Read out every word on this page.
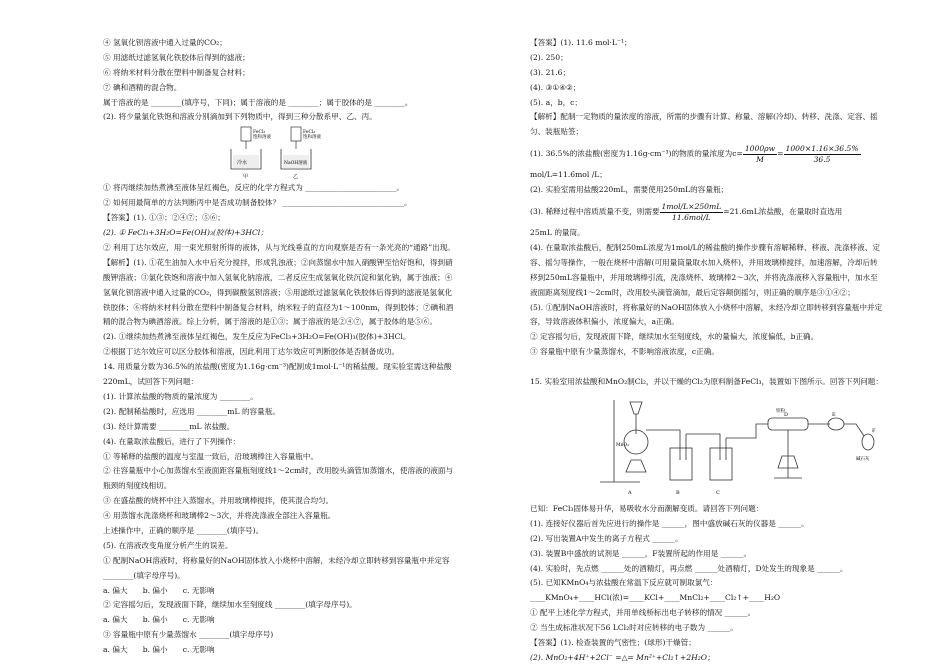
④ 氢氧化钡溶液中通入过量的CO₂；
⑤ 用滤纸过滤氢氧化铁胶体后得到的滤液；
⑥ 将纳米材料分散在塑料中制备复合材料；
⑦ 碘和酒精的混合物。
属于溶液的是 ________(填序号，下同)；属于溶液的是 ________；属于胶体的是 ________。
(2). 将少量氯化铁饱和溶液分别滴加到下列物质中，得到三种分散系甲、乙、丙。
FeCl₃
饱和溶液
冷水
甲
FeCl₃
饱和溶液
NaOH溶液
乙
① 将丙继续加热煮沸至液体呈红褐色，反应的化学方程式为 ________________________。
② 如何用最简单的方法判断丙中是否成功制备胶体？ ________________________________。
【答案】(1). ①③；②④⑦；⑤⑥；
(2). ① FeCl₃+3H₂O=Fe(OH)₃(胶体)+3HCl；
② 利用丁达尔效应，用一束光照射所得的液体，从与光线垂直的方向观察是否有一条光亮的“通路”出现。
【解析】(1). ①花生油加入水中后充分搅拌，形成乳浊液；②向蒸馏水中加入硝酸钾至恰好饱和，得到硝酸钾溶液；③氯化铁饱和溶液中加入氢氧化钠溶液，二者反应生成氢氧化铁沉淀和氯化钠，属于浊液；④氢氧化钡溶液中通入过量的CO₂，得到碳酸氢钡溶液；⑤用滤纸过滤氢氧化铁胶体后得到的滤液是氢氧化铁胶体；⑥将纳米材料分散在塑料中制备复合材料，纳米粒子的直径为1～100nm，得到胶体；⑦碘和酒精的混合物为碘酒溶液。综上分析，属于溶液的是①③；属于溶液的是②④⑦，属于胶体的是⑤⑥。
(2). ①继续加热煮沸至液体呈红褐色，发生反应为FeCl₃+3H₂O=Fe(OH)₃(胶体)+3HCl。
②根据丁达尔效应可以区分胶体和溶液，因此利用丁达尔效应可判断胶体是否制备成功。
14. 用质量分数为36.5%的浓盐酸(密度为1.16g·cm⁻³)配制成1mol·L⁻¹的稀盐酸。现实验室需这种盐酸220mL，试回答下列问题：
(1). 计算浓盐酸的物质的量浓度为 ________。
(2). 配制稀盐酸时，应选用 ________mL 的容量瓶。
(3). 经计算需要 ________mL 浓盐酸。
(4). 在量取浓盐酸后，进行了下列操作：
① 等稀释的盐酸的温度与室温一致后，沿玻璃棒注入容量瓶中。
② 往容量瓶中小心加蒸馏水至液面距容量瓶刻度线1～2cm时，改用胶头滴管加蒸馏水，使溶液的液面与瓶颈的刻度线相切。
③ 在盛盐酸的烧杯中注入蒸馏水，并用玻璃棒搅拌，使其混合均匀。
④ 用蒸馏水洗涤烧杯和玻璃棒2～3次，并将洗涤液全部注入容量瓶。
上述操作中，正确的顺序是 ________(填序号)。
(5). 在溶液改变角度分析产生的误差。
① 配制NaOH溶液时，将称量好的NaOH固体放入小烧杯中溶解，未经冷却立即转移到容量瓶中并定容 ________(填字母序号)。
a. 偏大　　b. 偏小　　c. 无影响
② 定容摇匀后，发现液面下降，继续加水至刻度线 ________(填字母序号)。
a. 偏大　　b. 偏小　　c. 无影响
③ 容量瓶中原有少量蒸馏水 ________(填字母序号)
a. 偏大　　b. 偏小　　c. 无影响
【答案】(1). 11.6 mol·L⁻¹；
(2). 250；
(3). 21.6；
(4). ③①④②；
(5). a，b，c；
【解析】配制一定物质的量浓度的溶液，所需的步骤有计算、称量、溶解(冷却)、转移、洗涤、定容、摇匀、装瓶贴签；
(1). 36.5%的浓盐酸(密度为1.16g·cm⁻³)的物质的量浓度为$c= \frac{1000\rho w}{M} = \frac{1000\times 1.16\times 36.5\%}{36.5}$
mol/L=11.6mol /L；
(2). 实验室需用盐酸220mL，需要使用250mL的容量瓶；
(3). 稀释过程中溶质质量不变，则需要 $\frac{\text{1mol/L×250mL}}{\text{11.6mol/L}} =21.6mL$浓盐酸，在量取时直选用
25mL 的量筒。
(4). 在量取浓盐酸后，配制250mL浓度为1mol/L的稀盐酸的操作步骤有溶解稀释、移液、洗涤移液、定容、摇匀等操作，一般在烧杯中溶解(可用量筒量取水加入烧杯)，并用玻璃棒搅拌，加速溶解，冷却后转移到250mL容量瓶中，并用玻璃棒引流，洗涤烧杯、玻璃棒2～3次，并将洗涤液移入容量瓶中，加水至液面距离刻度线1～2cm时，改用胶头滴管滴加，最后定容颠倒摇匀，则正确的顺序是③①④②；
(5). ①配制NaOH溶液时，将称量好的NaOH固体放入小烧杯中溶解，未经冷却立即转移到容量瓶中并定容，导致溶液体积偏小，浓度偏大，a正确。
② 定容摇匀后，发现液面下降，继续加水至刻度线，水的量偏大，浓度偏低，b正确。
③ 容量瓶中原有少量蒸馏水，不影响溶液浓度，c正确。
15. 实验室用浓盐酸和MnO₂制Cl₂，并以干燥的Cl₂为原料制备FeCl₃，装置如下图所示。回答下列问题：
A	B	C
D	E
F
MnO₂
铁粉
碱石灰
已知：FeCl₃固体易升华，易吸收水分而潮解变质。请回答下列问题：
(1). 连接好仪器后首先应进行的操作是 ______，图中盛放碱石灰的仪器是 ______。
(2). 写出装置A中发生的离子方程式 ______。
(3). 装置B中盛放的试剂是 ______，F装置所起的作用是 ______。
(4). 实验时，先点燃 ______处的酒精灯，再点燃 ______处酒精灯，D处发生的现象是 ______。
(5). 已知KMnO₄与浓盐酸在常温下反应就可制取氯气：____KMnO₄+____HCl(浓)=____KCl+____MnCl₂+____Cl₂↑+____H₂O
① 配平上述化学方程式，并用单线桥标出电子转移的情况 ______。
② 当生成标准状况下56 LCl₂时对应转移的电子数为 ______。
【答案】(1). 检查装置的气密性；(球形)干燥管；
(2). MnO₂+4H⁺+2Cl⁻ =△= Mn²⁺+Cl₂↑+2H₂O；
